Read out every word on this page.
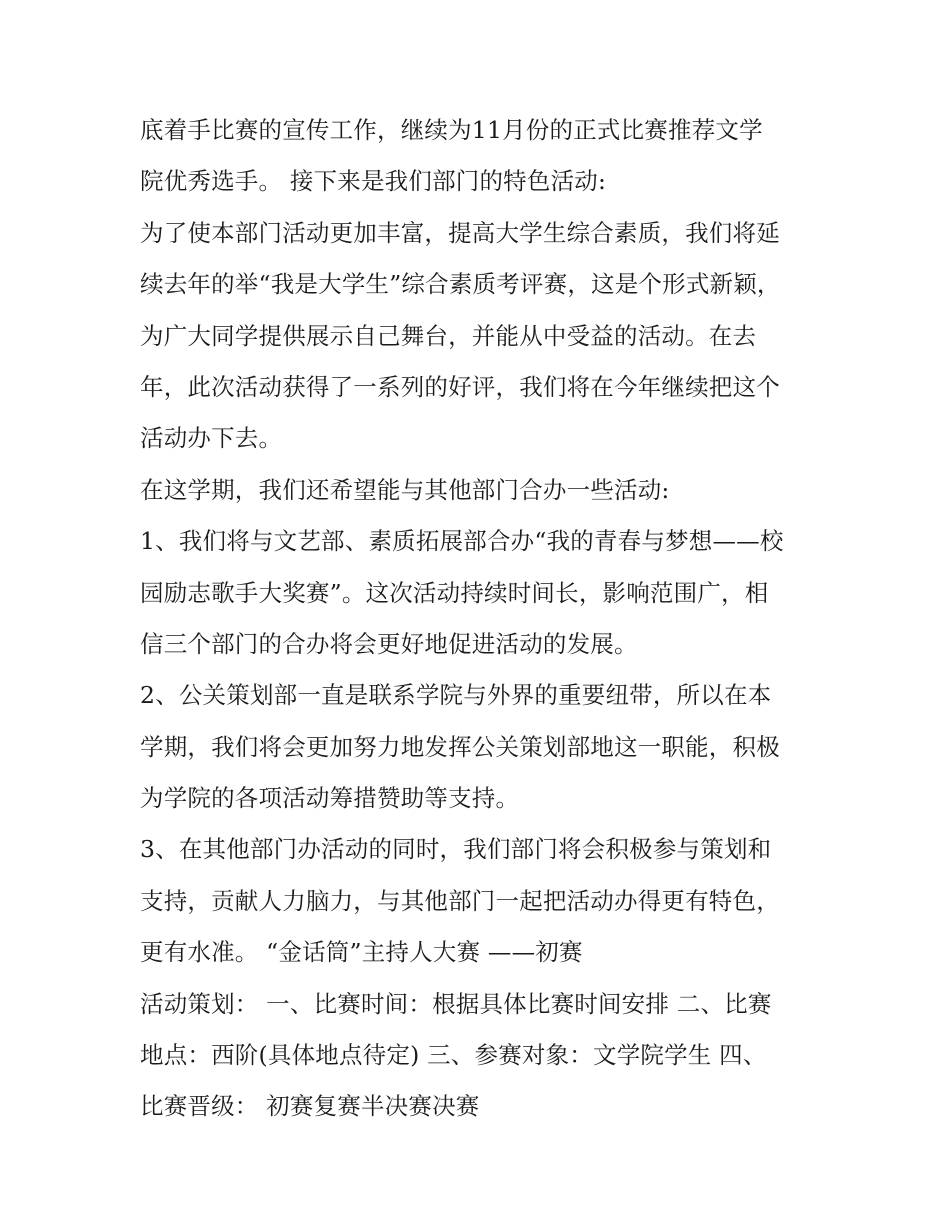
底着手比赛的宣传工作，继续为11月份的正式比赛推荐文学
院优秀选手。 接下来是我们部门的特色活动:
为了使本部门活动更加丰富，提高大学生综合素质，我们将延
续去年的举“我是大学生”综合素质考评赛，这是个形式新颖，
为广大同学提供展示自己舞台，并能从中受益的活动。在去
年，此次活动获得了一系列的好评，我们将在今年继续把这个
活动办下去。
在这学期，我们还希望能与其他部门合办一些活动:
1、我们将与文艺部、素质拓展部合办“我的青春与梦想——校
园励志歌手大奖赛”。这次活动持续时间长，影响范围广，相
信三个部门的合办将会更好地促进活动的发展。
2、公关策划部一直是联系学院与外界的重要纽带，所以在本
学期，我们将会更加努力地发挥公关策划部地这一职能，积极
为学院的各项活动筹措赞助等支持。
3、在其他部门办活动的同时，我们部门将会积极参与策划和
支持，贡献人力脑力，与其他部门一起把活动办得更有特色，
更有水准。 “金话筒”主持人大赛 ——初赛
活动策划： 一、比赛时间：根据具体比赛时间安排 二、比赛
地点：西阶(具体地点待定) 三、参赛对象：文学院学生 四、
比赛晋级： 初赛复赛半决赛决赛
